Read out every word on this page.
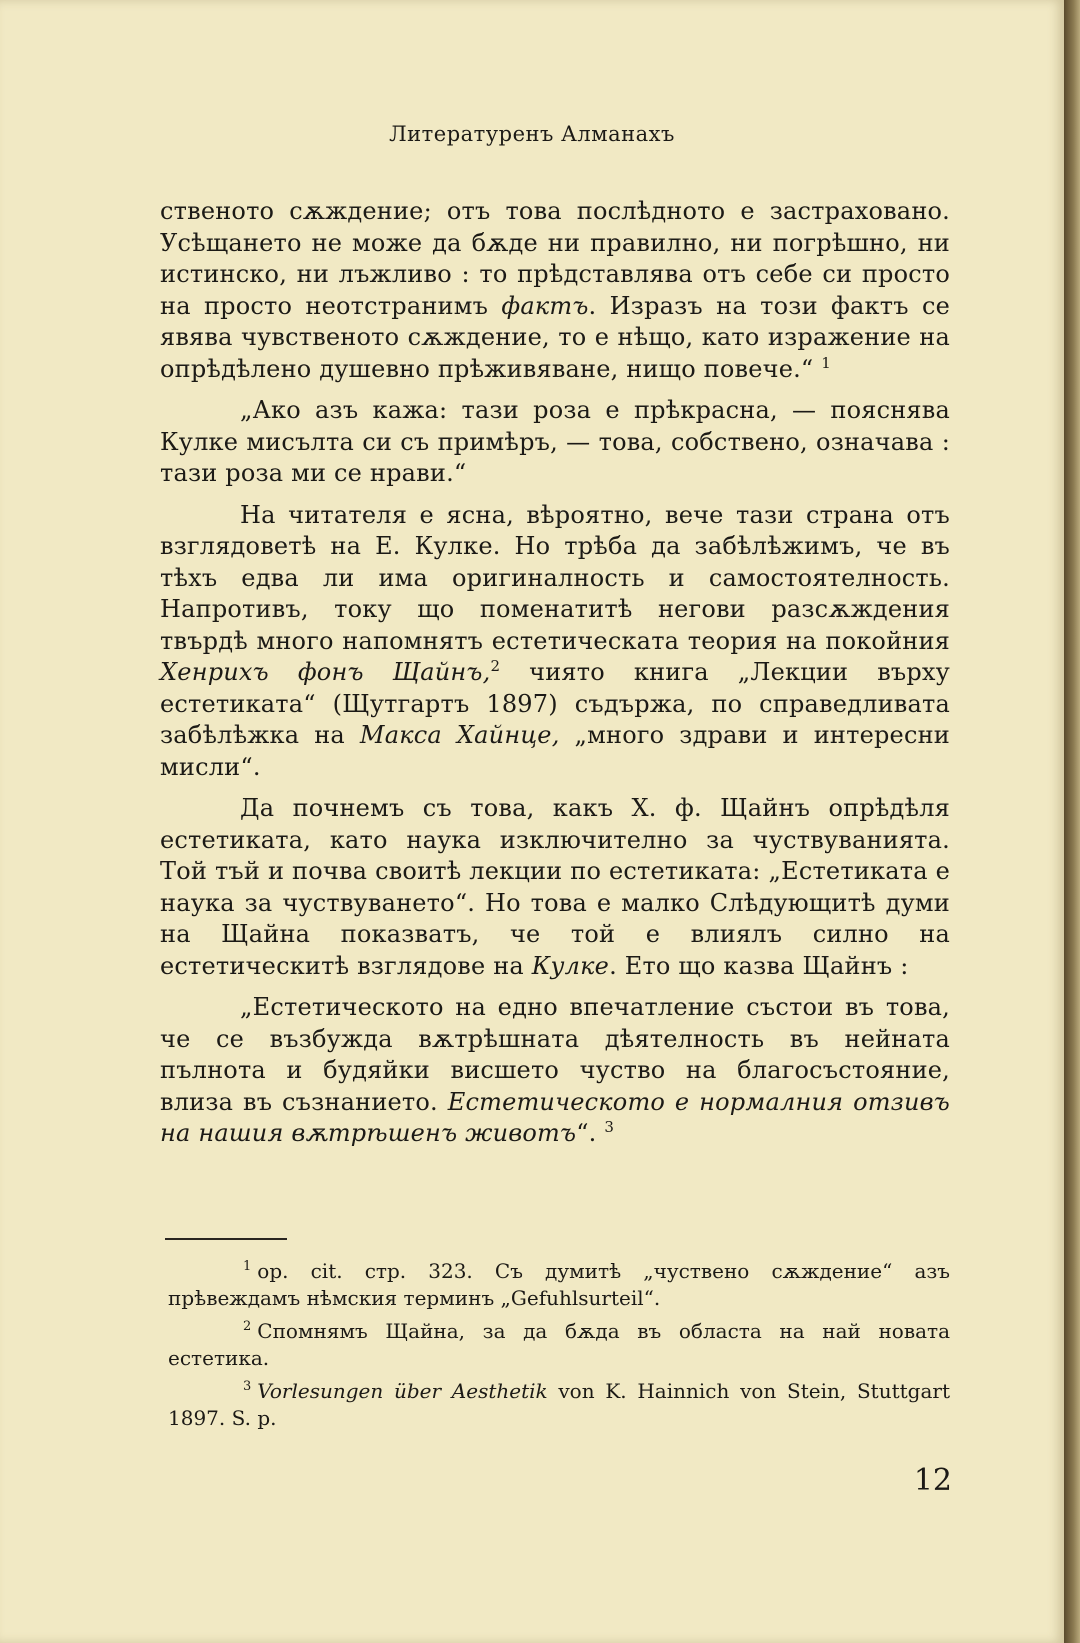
Литературенъ Алманахъ

ственото сѫждение; отъ това послѣдното е застраховано. Усѣщането не може да бѫде ни правилно, ни погрѣшно, ни истинско, ни лъжливо : то прѣдставлява отъ себе си просто на просто неотстранимъ фактъ. Изразъ на този фактъ се явява чувственото сѫждение, то е нѣщо, като изражение на опрѣдѣлено душевно прѣживяване, нищо повече.“ $^1$

„Ако азъ кажа: тази роза е прѣкрасна, — пояснява Кулке мисълта си съ примѣръ, — това, собствено, означава : тази роза ми се нрави.“

На читателя е ясна, вѣроятно, вече тази страна отъ взглядоветѣ на Е. Кулке. Но трѣба да забѣлѣжимъ, че въ тѣхъ едва ли има оригиналность и самостоятелность. Напротивъ, току що поменатитѣ негови разсѫждения твърдѣ много напомнятъ естетическата теория на покойния Хенрихъ фонъ Щайнъ,$^2$ чиято книга „Лекции върху естетиката“ (Щутгартъ 1897) съдържа, по справедливата забѣлѣжка на Макса Хайнце, „много здрави и интересни мисли“.

Да почнемъ съ това, какъ Х. ф. Щайнъ опрѣдѣля естетиката, като наука изключително за чуствуванията. Той тъй и почва своитѣ лекции по естетиката: „Естетиката е наука за чуствуването“. Но това е малко Слѣдующитѣ думи на Щайна показватъ, че той е влиялъ силно на естетическитѣ взглядове на Кулке. Ето що казва Щайнъ :

„Естетическото на едно впечатление състои въ това, че се възбужда вѫтрѣшната дѣятелность въ нейната пълнота и будяйки висшето чуство на благосъстояние, влиза въ съзнанието. Естетическото е нормалния отзивъ на нашия вѫтрѣшенъ животъ“. $^3$

$^1$ op. cit. стр. 323. Съ думитѣ „чуствено сѫждение“ азъ прѣвеждамъ нѣмския терминъ „Gefuhlsurteil“.

$^2$ Спомнямъ Щайна, за да бѫда въ областа на най новата естетика.

$^3$ Vorlesungen über Aesthetik von K. Hainnich von Stein, Stuttgart 1897. S. p.

12
